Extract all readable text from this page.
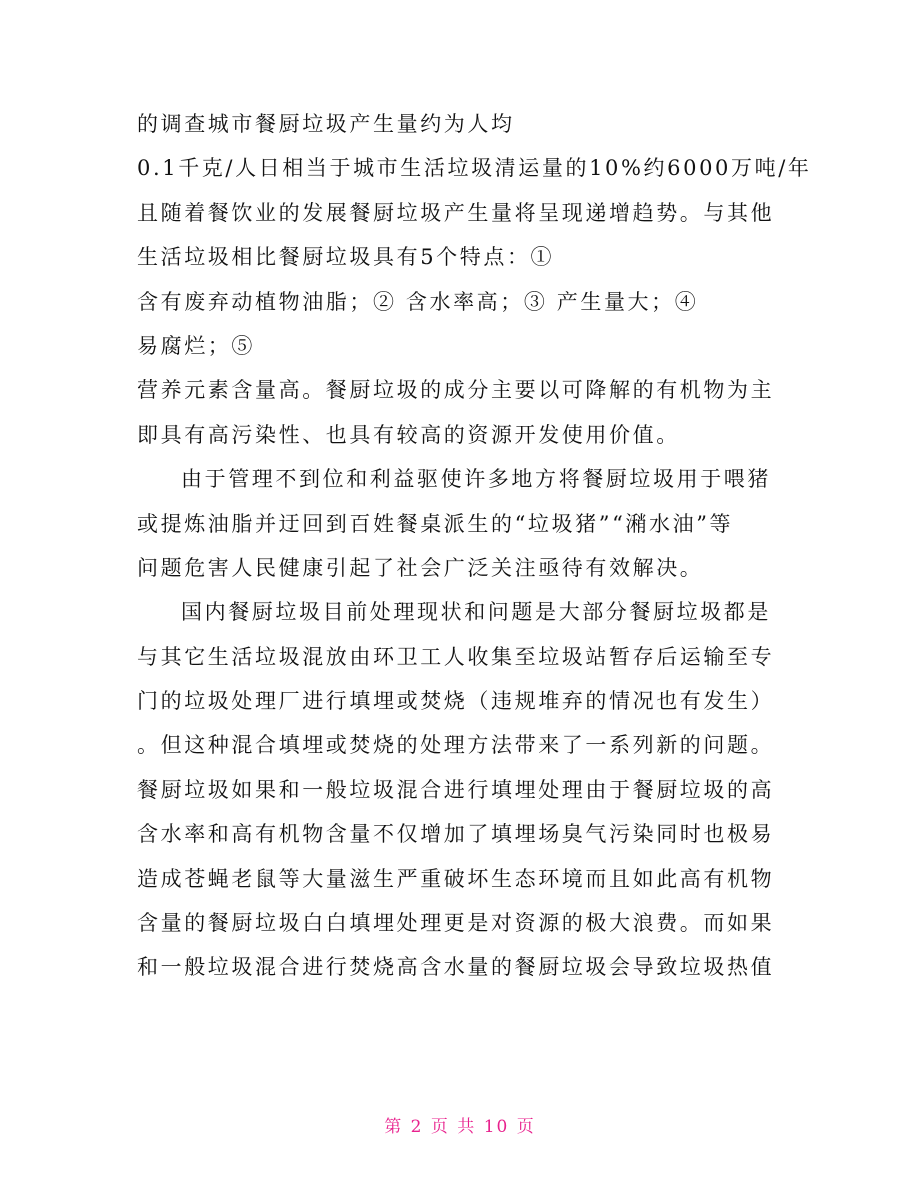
的调查城市餐厨垃圾产生量约为人均
0.1千克/人日相当于城市生活垃圾清运量的10%约6000万吨/年
且随着餐饮业的发展餐厨垃圾产生量将呈现递增趋势。与其他
生活垃圾相比餐厨垃圾具有5个特点：①
含有废弃动植物油脂；② 含水率高；③ 产生量大；④
易腐烂；⑤
营养元素含量高。餐厨垃圾的成分主要以可降解的有机物为主
即具有高污染性、也具有较高的资源开发使用价值。
由于管理不到位和利益驱使许多地方将餐厨垃圾用于喂猪
或提炼油脂并迂回到百姓餐桌派生的“垃圾猪”“潲水油”等
问题危害人民健康引起了社会广泛关注亟待有效解决。
国内餐厨垃圾目前处理现状和问题是大部分餐厨垃圾都是
与其它生活垃圾混放由环卫工人收集至垃圾站暂存后运输至专
门的垃圾处理厂进行填埋或焚烧（违规堆弃的情况也有发生）
。但这种混合填埋或焚烧的处理方法带来了一系列新的问题。
餐厨垃圾如果和一般垃圾混合进行填埋处理由于餐厨垃圾的高
含水率和高有机物含量不仅增加了填埋场臭气污染同时也极易
造成苍蝇老鼠等大量滋生严重破坏生态环境而且如此高有机物
含量的餐厨垃圾白白填埋处理更是对资源的极大浪费。而如果
和一般垃圾混合进行焚烧高含水量的餐厨垃圾会导致垃圾热值
第 2 页 共 10 页
